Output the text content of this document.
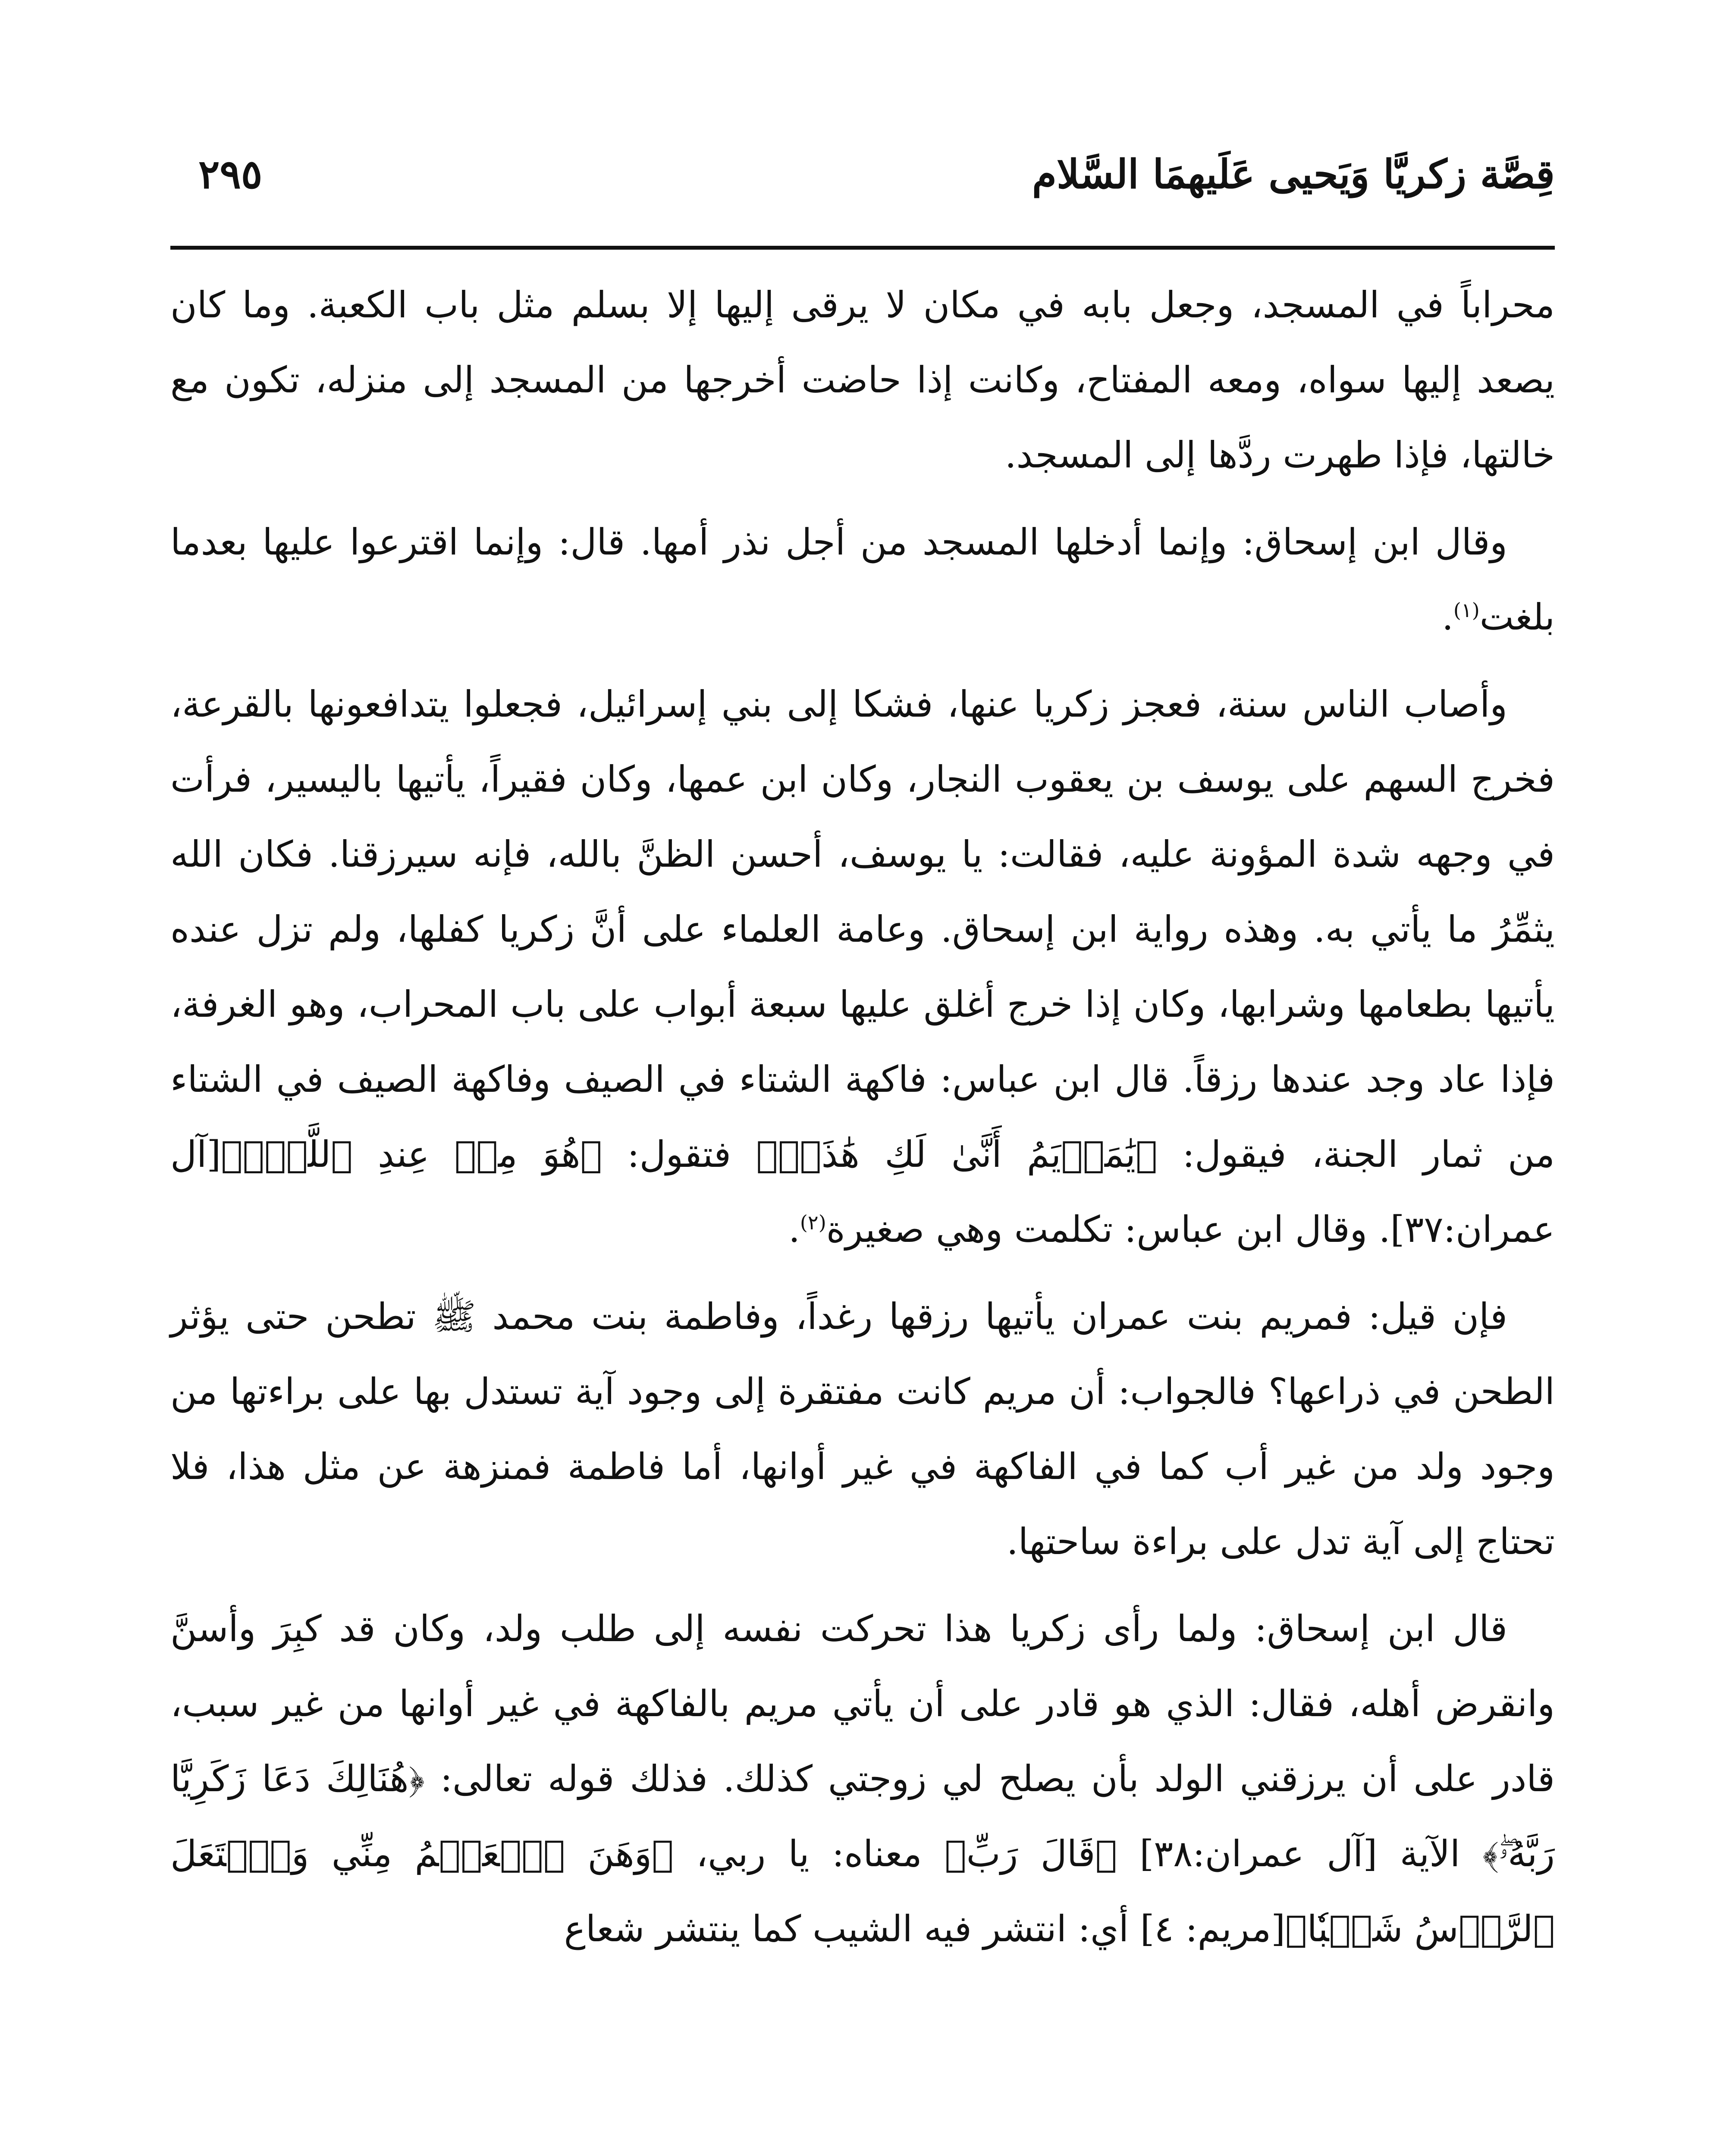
قِصَّة زكريَّا وَيَحيى عَلَيهمَا السَّلام
٢٩٥

محراباً في المسجد، وجعل بابه في مكان لا يرقى إليها إلا بسلم مثل باب الكعبة. وما كان يصعد إليها سواه، ومعه المفتاح، وكانت إذا حاضت أخرجها من المسجد إلى منزله، تكون مع خالتها، فإذا طهرت ردَّها إلى المسجد.

وقال ابن إسحاق: وإنما أدخلها المسجد من أجل نذر أمها. قال: وإنما اقترعوا عليها بعدما بلغت$^{(١)}$.

وأصاب الناس سنة، فعجز زكريا عنها، فشكا إلى بني إسرائيل، فجعلوا يتدافعونها بالقرعة، فخرج السهم على يوسف بن يعقوب النجار، وكان ابن عمها، وكان فقيراً، يأتيها باليسير، فرأت في وجهه شدة المؤونة عليه، فقالت: يا يوسف، أحسن الظنَّ بالله، فإنه سيرزقنا. فكان الله يثمِّرُ ما يأتي به. وهذه رواية ابن إسحاق. وعامة العلماء على أنَّ زكريا كفلها، ولم تزل عنده يأتيها بطعامها وشرابها، وكان إذا خرج أغلق عليها سبعة أبواب على باب المحراب، وهو الغرفة، فإذا عاد وجد عندها رزقاً. قال ابن عباس: فاكهة الشتاء في الصيف وفاكهة الصيف في الشتاء من ثمار الجنة، فيقول: ﴿يَٰمَرۡيَمُ أَنَّىٰ لَكِ هَٰذَاۖ﴾ فتقول: ﴿هُوَ مِنۡ عِندِ ٱللَّهِۖ﴾[آل عمران:٣٧]. وقال ابن عباس: تكلمت وهي صغيرة$^{(٢)}$.

فإن قيل: فمريم بنت عمران يأتيها رزقها رغداً، وفاطمة بنت محمد ﷺ تطحن حتى يؤثر الطحن في ذراعها؟ فالجواب: أن مريم كانت مفتقرة إلى وجود آية تستدل بها على براءتها من وجود ولد من غير أب كما في الفاكهة في غير أوانها، أما فاطمة فمنزهة عن مثل هذا، فلا تحتاج إلى آية تدل على براءة ساحتها.

قال ابن إسحاق: ولما رأى زكريا هذا تحركت نفسه إلى طلب ولد، وكان قد كبِرَ وأسنَّ وانقرض أهله، فقال: الذي هو قادر على أن يأتي مريم بالفاكهة في غير أوانها من غير سبب، قادر على أن يرزقني الولد بأن يصلح لي زوجتي كذلك. فذلك قوله تعالى: ﴿هُنَالِكَ دَعَا زَكَرِيَّا رَبَّهُۥۖ﴾ الآية [آل عمران:٣٨] ﴿قَالَ رَبِّ﴾ معناه: يا ربي، ﴿وَهَنَ ٱلۡعَظۡمُ مِنِّي وَٱشۡتَعَلَ ٱلرَّأۡسُ شَيۡبٗا﴾[مريم: ٤] أي: انتشر فيه الشيب كما ينتشر شعاع
